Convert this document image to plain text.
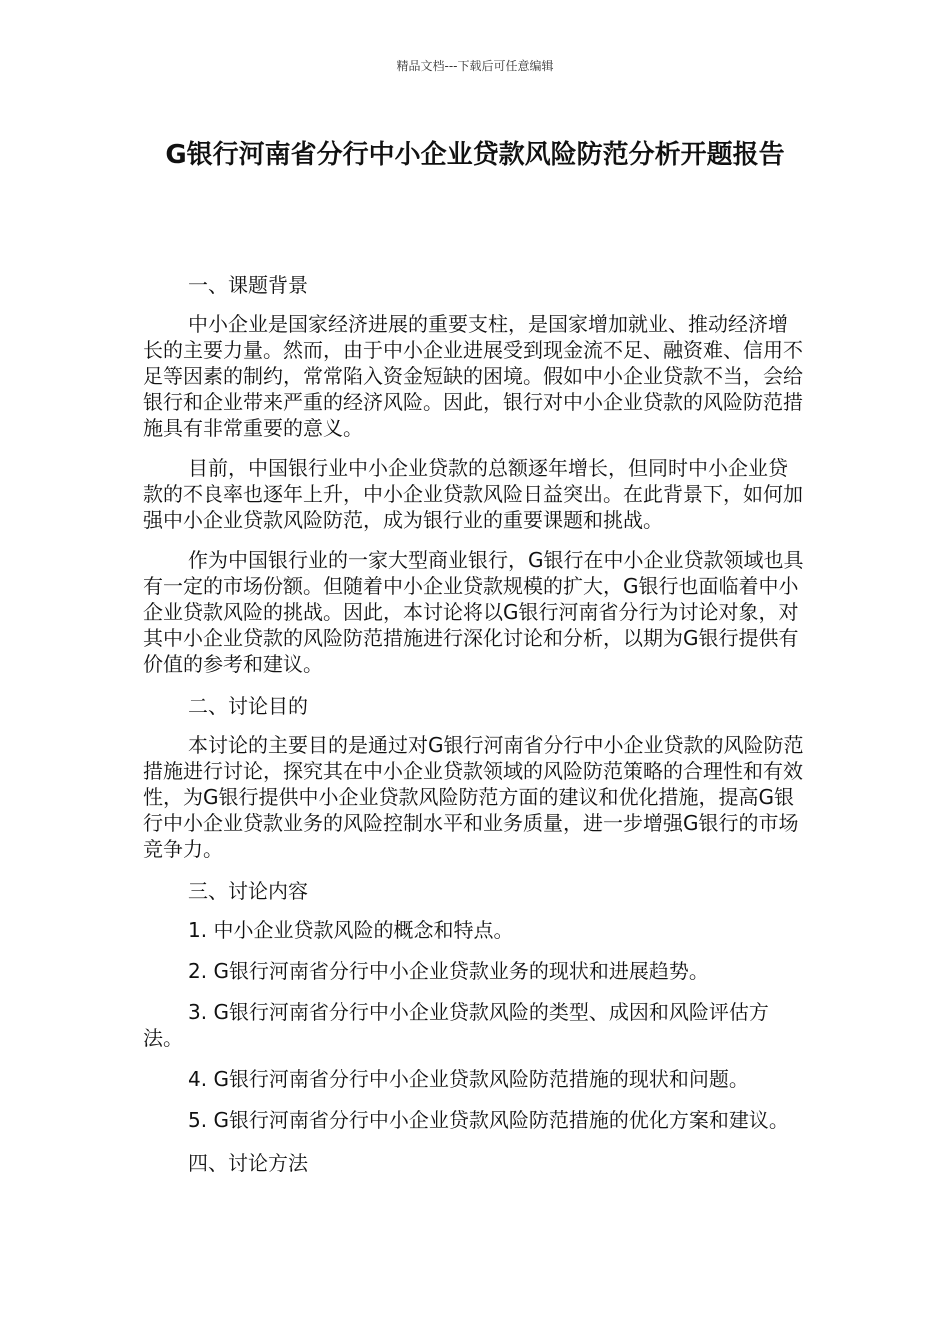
精品文档---下载后可任意编辑
G银行河南省分行中小企业贷款风险防范分析开题报告

一、课题背景

中小企业是国家经济进展的重要支柱，是国家增加就业、推动经济增长的主要力量。然而，由于中小企业进展受到现金流不足、融资难、信用不足等因素的制约，常常陷入资金短缺的困境。假如中小企业贷款不当，会给银行和企业带来严重的经济风险。因此，银行对中小企业贷款的风险防范措施具有非常重要的意义。

目前，中国银行业中小企业贷款的总额逐年增长，但同时中小企业贷款的不良率也逐年上升，中小企业贷款风险日益突出。在此背景下，如何加强中小企业贷款风险防范，成为银行业的重要课题和挑战。

作为中国银行业的一家大型商业银行，G银行在中小企业贷款领域也具有一定的市场份额。但随着中小企业贷款规模的扩大，G银行也面临着中小企业贷款风险的挑战。因此，本讨论将以G银行河南省分行为讨论对象，对其中小企业贷款的风险防范措施进行深化讨论和分析，以期为G银行提供有价值的参考和建议。

二、讨论目的

本讨论的主要目的是通过对G银行河南省分行中小企业贷款的风险防范措施进行讨论，探究其在中小企业贷款领域的风险防范策略的合理性和有效性，为G银行提供中小企业贷款风险防范方面的建议和优化措施，提高G银行中小企业贷款业务的风险控制水平和业务质量，进一步增强G银行的市场竞争力。

三、讨论内容

1. 中小企业贷款风险的概念和特点。

2. G银行河南省分行中小企业贷款业务的现状和进展趋势。

3. G银行河南省分行中小企业贷款风险的类型、成因和风险评估方法。

4. G银行河南省分行中小企业贷款风险防范措施的现状和问题。

5. G银行河南省分行中小企业贷款风险防范措施的优化方案和建议。

四、讨论方法
